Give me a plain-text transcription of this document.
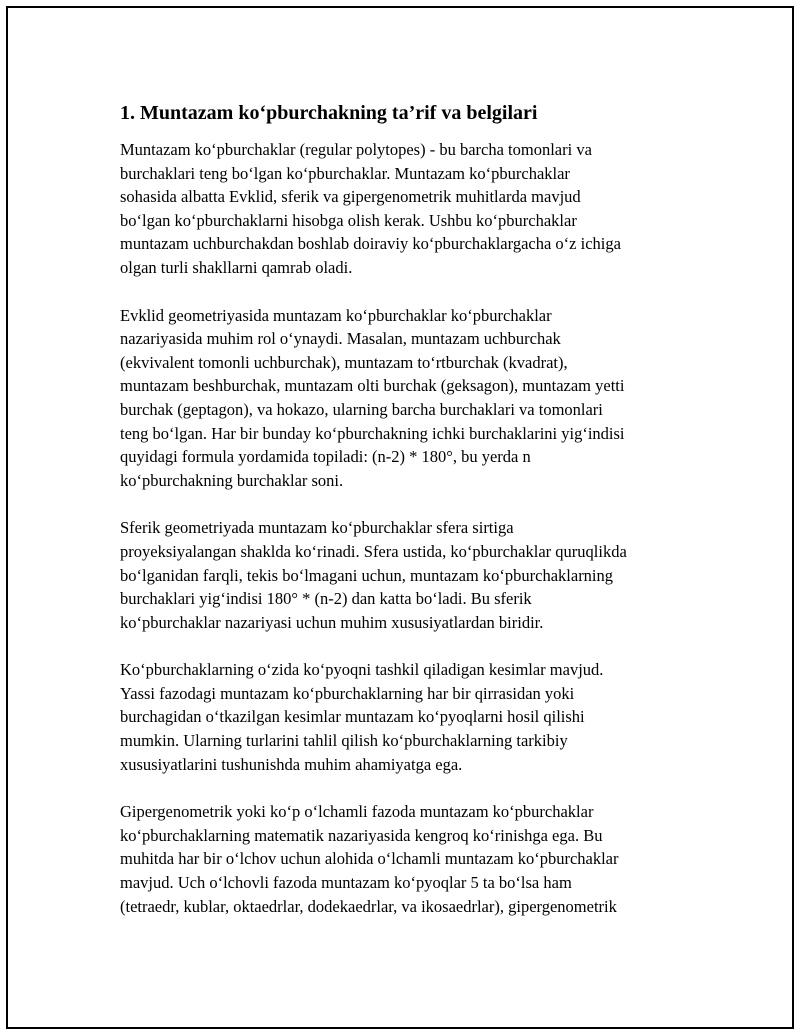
1. Muntazam ko‘pburchakning ta’rif va belgilari

Muntazam ko‘pburchaklar (regular polytopes) - bu barcha tomonlari va
burchaklari teng bo‘lgan ko‘pburchaklar. Muntazam ko‘pburchaklar
sohasida albatta Evklid, sferik va gipergenometrik muhitlarda mavjud
bo‘lgan ko‘pburchaklarni hisobga olish kerak. Ushbu ko‘pburchaklar
muntazam uchburchakdan boshlab doiraviy ko‘pburchaklargacha o‘z ichiga
olgan turli shakllarni qamrab oladi.

Evklid geometriyasida muntazam ko‘pburchaklar ko‘pburchaklar
nazariyasida muhim rol o‘ynaydi. Masalan, muntazam uchburchak
(ekvivalent tomonli uchburchak), muntazam to‘rtburchak (kvadrat),
muntazam beshburchak, muntazam olti burchak (geksagon), muntazam yetti
burchak (geptagon), va hokazo, ularning barcha burchaklari va tomonlari
teng bo‘lgan. Har bir bunday ko‘pburchakning ichki burchaklarini yig‘indisi
quyidagi formula yordamida topiladi: (n-2) * 180°, bu yerda n
ko‘pburchakning burchaklar soni.

Sferik geometriyada muntazam ko‘pburchaklar sfera sirtiga
proyeksiyalangan shaklda ko‘rinadi. Sfera ustida, ko‘pburchaklar quruqlikda
bo‘lganidan farqli, tekis bo‘lmagani uchun, muntazam ko‘pburchaklarning
burchaklari yig‘indisi 180° * (n-2) dan katta bo‘ladi. Bu sferik
ko‘pburchaklar nazariyasi uchun muhim xususiyatlardan biridir.

Ko‘pburchaklarning o‘zida ko‘pyoqni tashkil qiladigan kesimlar mavjud.
Yassi fazodagi muntazam ko‘pburchaklarning har bir qirrasidan yoki
burchagidan o‘tkazilgan kesimlar muntazam ko‘pyoqlarni hosil qilishi
mumkin. Ularning turlarini tahlil qilish ko‘pburchaklarning tarkibiy
xususiyatlarini tushunishda muhim ahamiyatga ega.

Gipergenometrik yoki ko‘p o‘lchamli fazoda muntazam ko‘pburchaklar
ko‘pburchaklarning matematik nazariyasida kengroq ko‘rinishga ega. Bu
muhitda har bir o‘lchov uchun alohida o‘lchamli muntazam ko‘pburchaklar
mavjud. Uch o‘lchovli fazoda muntazam ko‘pyoqlar 5 ta bo‘lsa ham
(tetraedr, kublar, oktaedrlar, dodekaedrlar, va ikosaedrlar), gipergenometrik
